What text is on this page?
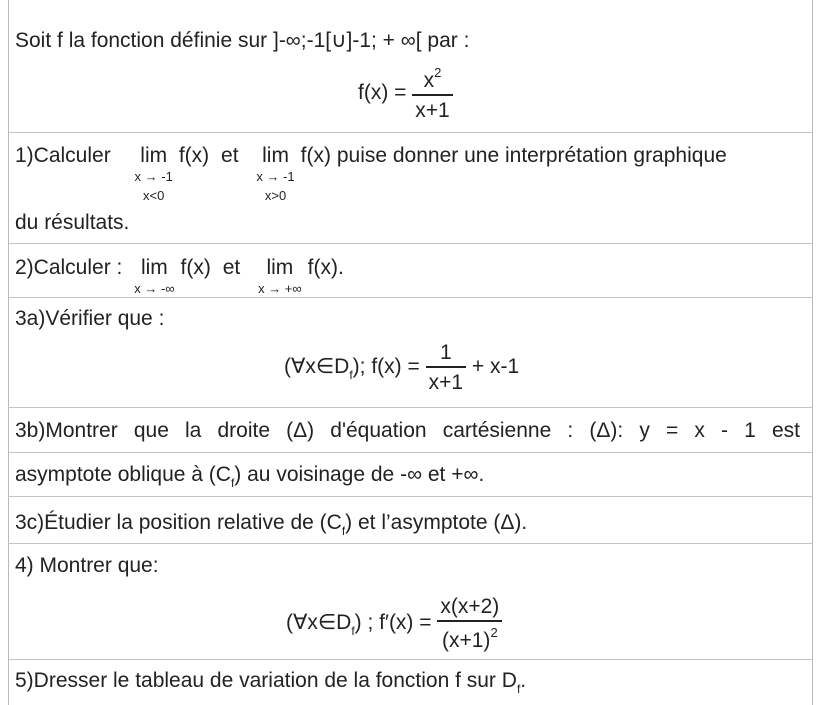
Soit f la fonction définie sur ]-∞;-1[∪]-1; + ∞[ par :
$f(x) = \frac{x^2}{x+1}$
1)Calculer lim
x → -1
x<0
f(x) et lim
x → -1
x>0
f(x) puise donner une interprétation graphique
du résultats.
2)Calculer : lim
x → -∞
f(x) et	lim
x → +∞
f(x).
3a)Vérifier que :
$(\forall x\in D_f)$; $f(x) = \frac{1}{x+1} + x-1$
3b)Montrer que la droite (Δ) d'équation cartésienne : (Δ): y = x - 1 est
asymptote oblique à $(C_f)$ au voisinage de -∞ et +∞.
3c)Étudier la position relative de $(C_f)$ et l’asymptote (Δ).
4) Montrer que:
$(\forall x\in D_f)$ ; $f'(x) = \frac{x(x+2)}{(x+1)^2}$
5)Dresser le tableau de variation de la fonction f sur $D_f$.
